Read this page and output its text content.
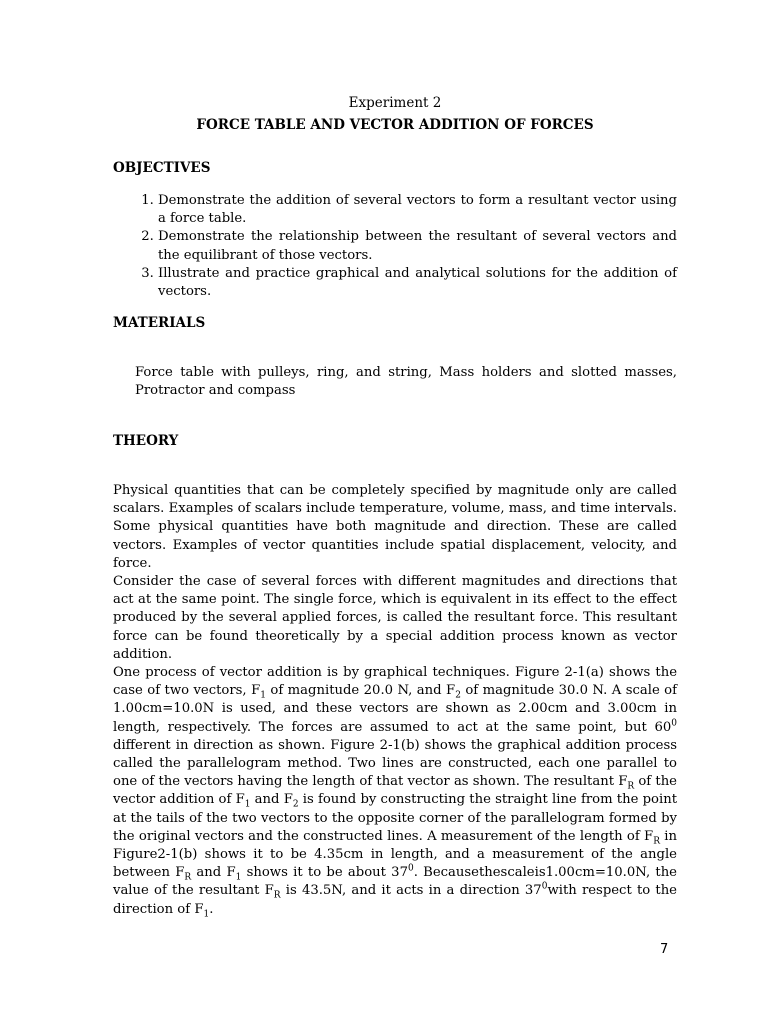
Experiment 2
FORCE TABLE AND VECTOR ADDITION OF FORCES
OBJECTIVES
1. Demonstrate the addition of several vectors to form a resultant vector using a force table.
2. Demonstrate the relationship between the resultant of several vectors and the equilibrant of those vectors.
3. Illustrate and practice graphical and analytical solutions for the addition of vectors.
MATERIALS
Force table with pulleys, ring, and string, Mass holders and slotted masses, Protractor and compass
THEORY
Physical quantities that can be completely specified by magnitude only are called scalars. Examples of scalars include temperature, volume, mass, and time intervals. Some physical quantities have both magnitude and direction. These are called vectors. Examples of vector quantities include spatial displacement, velocity, and force.
Consider the case of several forces with different magnitudes and directions that act at the same point. The single force, which is equivalent in its effect to the effect produced by the several applied forces, is called the resultant force. This resultant force can be found theoretically by a special addition process known as vector addition.
One process of vector addition is by graphical techniques. Figure 2-1(a) shows the case of two vectors, $F_1$ of magnitude 20.0 N, and $F_2$ of magnitude 30.0 N. A scale of 1.00cm=10.0N is used, and these vectors are shown as 2.00cm and 3.00cm in length, respectively. The forces are assumed to act at the same point, but $60^0$ different in direction as shown. Figure 2-1(b) shows the graphical addition process called the parallelogram method. Two lines are constructed, each one parallel to one of the vectors having the length of that vector as shown. The resultant $F_R$ of the vector addition of $F_1$ and $F_2$ is found by constructing the straight line from the point at the tails of the two vectors to the opposite corner of the parallelogram formed by the original vectors and the constructed lines. A measurement of the length of $F_R$ in Figure2-1(b) shows it to be 4.35cm in length, and a measurement of the angle between $F_R$ and $F_1$ shows it to be about $37^0$. Becausethescaleis1.00cm=10.0N, the value of the resultant $F_R$ is 43.5N, and it acts in a direction $37^0with$ respect to the direction of $F_1$.
7
